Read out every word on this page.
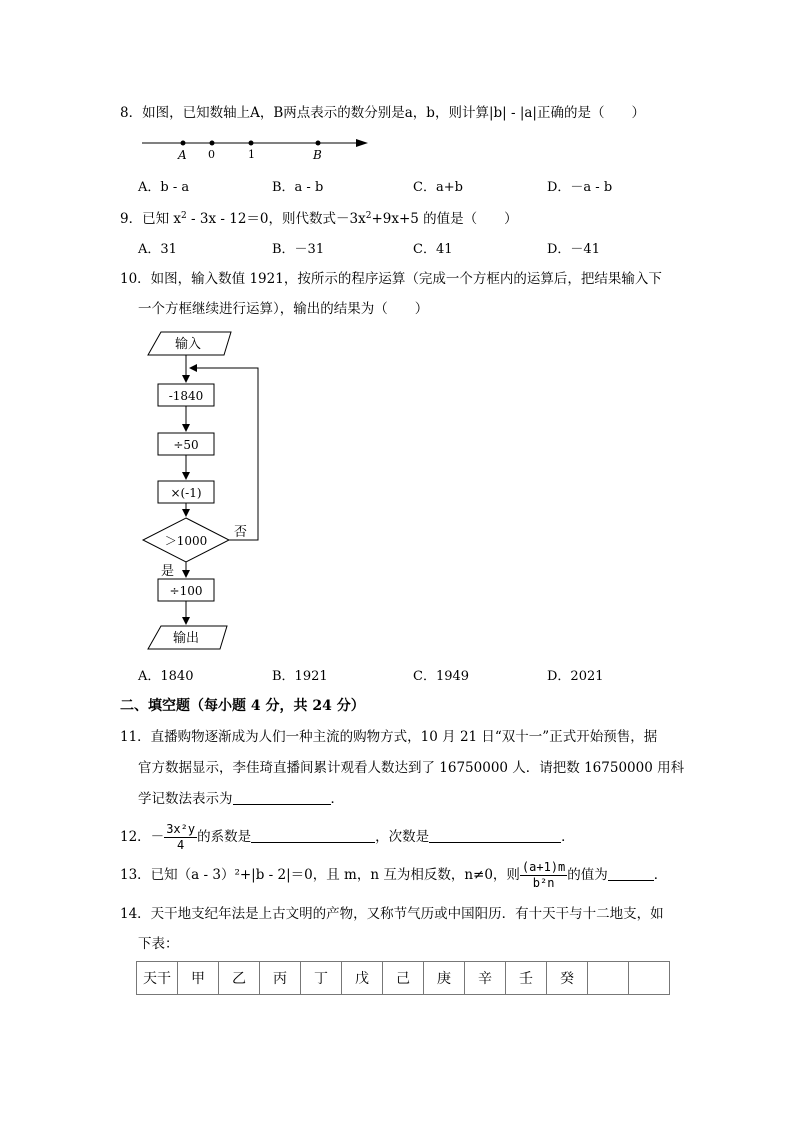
8．如图，已知数轴上A，B两点表示的数分别是a，b，则计算|b| - |a|正确的是（　　）
A 0	1	B
A．b - a	B．a - b	C．a+b	D．－a - b
9．已知 $x^2 - 3x - 12=0$，则代数式$-3x^2+9x+5$ 的值是（　　）
A．31	B．－31	C．41	D．－41
10．如图，输入数值 1921，按所示的程序运算（完成一个方框内的运算后，把结果输入下
一个方框继续进行运算），输出的结果为（　　）
输入
-1840
÷50
×(-1)
＞1000
否
是
÷100
输出
A．1840	B．1921	C．1949	D．2021
二、填空题（每小题 4 分，共 24 分）
11．直播购物逐渐成为人们一种主流的购物方式，10 月 21 日“双十一”正式开始预售，据
官方数据显示，李佳琦直播间累计观看人数达到了 16750000 人．请把数 16750000 用科
学记数法表示为	．
12．－ $\frac{\text{3x²y}}{4}$ 的系数是	，次数是	．
13．已知（a - 3）²+|b - 2|＝0，且 m，n 互为相反数，n≠0，则 $\frac{(a+1)m}{\text{b²n}}$ 的值为	．
14．天干地支纪年法是上古文明的产物，又称节气历或中国阳历．有十天干与十二地支，如
下表：
天干	甲	乙	丙	丁	戊	己	庚	辛	壬	癸		
